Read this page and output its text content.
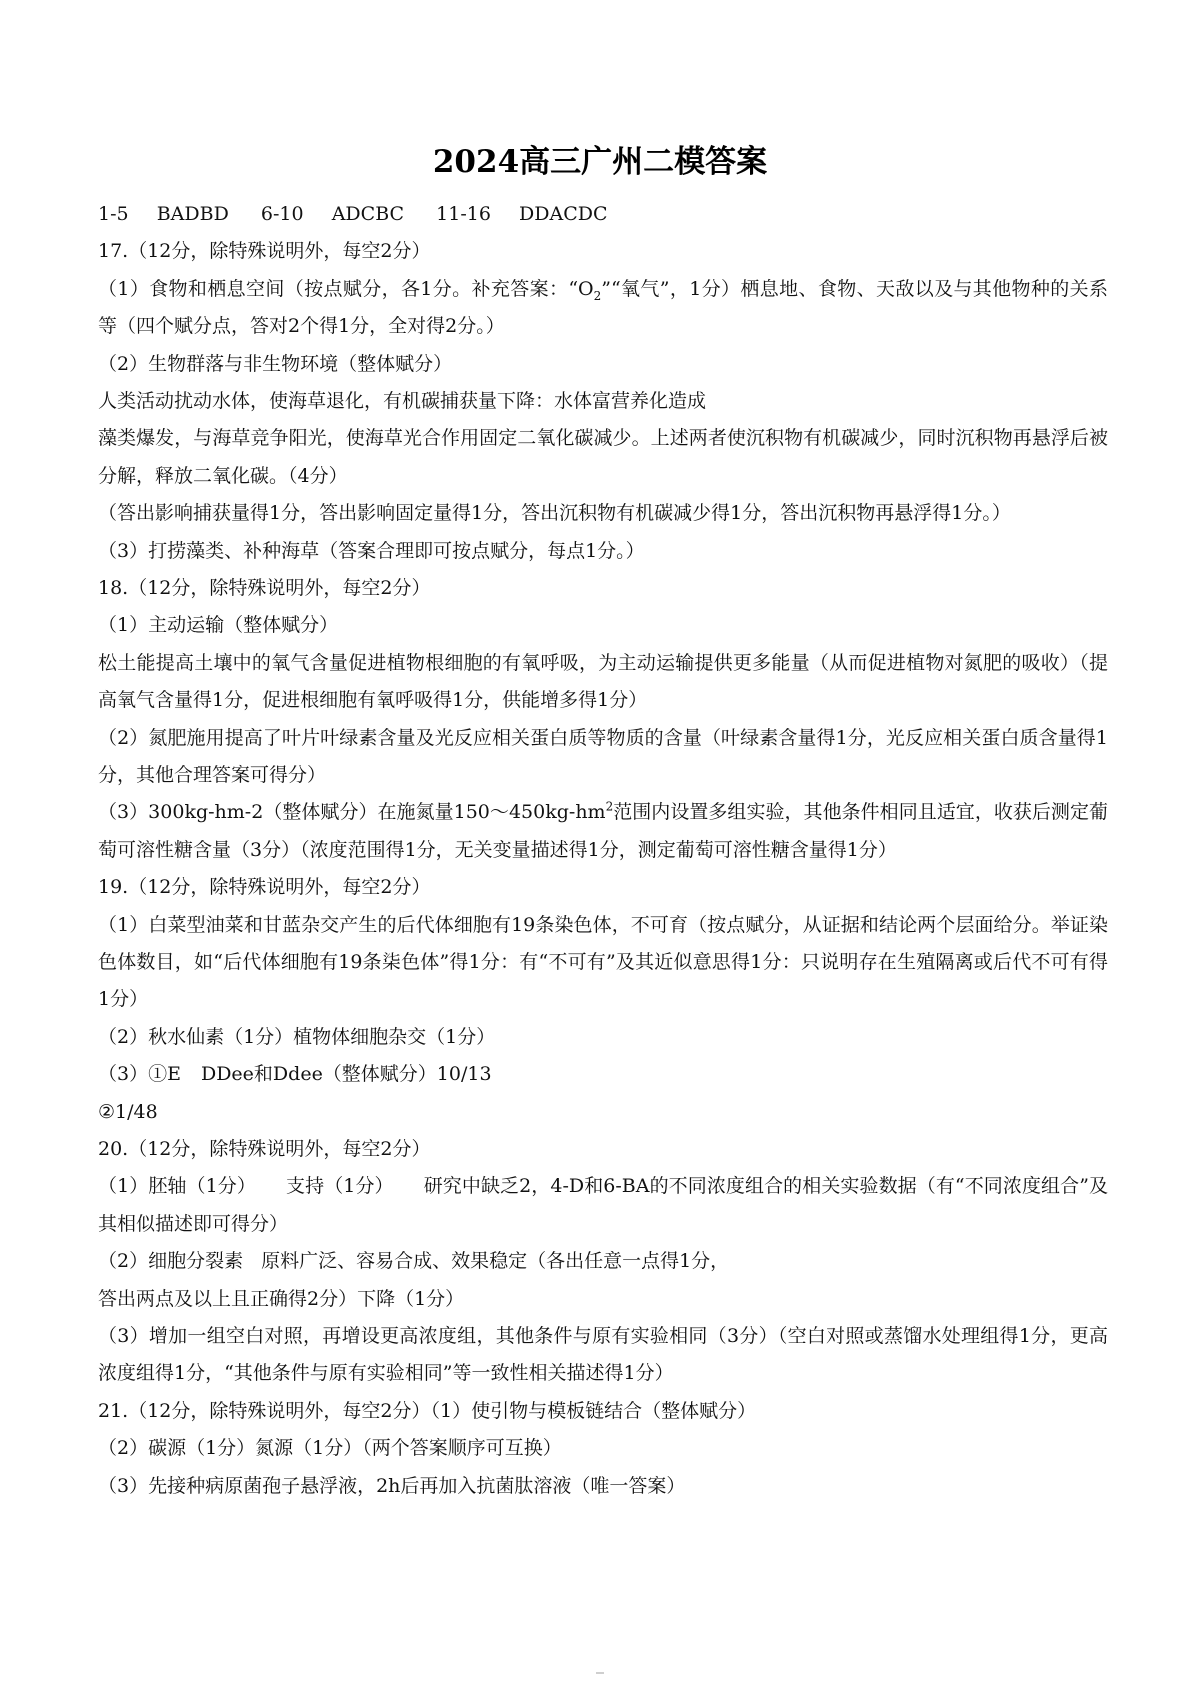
2024高三广州二模答案
1-5 BADBD 6-10 ADCBC 11-16 DDACDC
17.（12分，除特殊说明外，每空2分）
（1）食物和栖息空间（按点赋分，各1分。补充答案：“$O_2”“$氧气”，1分）栖息地、食物、天敌以及与其他物种的关系等（四个赋分点，答对2个得1分，全对得2分。）
（2）生物群落与非生物环境（整体赋分）
人类活动扰动水体，使海草退化，有机碳捕获量下降：水体富营养化造成
藻类爆发，与海草竞争阳光，使海草光合作用固定二氧化碳减少。上述两者使沉积物有机碳减少，同时沉积物再悬浮后被分解，释放二氧化碳。（4分）
（答出影响捕获量得1分，答出影响固定量得1分，答出沉积物有机碳减少得1分，答出沉积物再悬浮得1分。）
（3）打捞藻类、补种海草（答案合理即可按点赋分，每点1分。）
18.（12分，除特殊说明外，每空2分）
（1）主动运输（整体赋分）
松土能提高土壤中的氧气含量促进植物根细胞的有氧呼吸，为主动运输提供更多能量（从而促进植物对氮肥的吸收）（提高氧气含量得1分，促进根细胞有氧呼吸得1分，供能增多得1分）
（2）氮肥施用提高了叶片叶绿素含量及光反应相关蛋白质等物质的含量（叶绿素含量得1分，光反应相关蛋白质含量得1分，其他合理答案可得分）
（3）300kg-hm-2（整体赋分）在施氮量$150\sim 450kg-hm^2$范围内设置多组实验，其他条件相同且适宜，收获后测定葡萄可溶性糖含量（3分）（浓度范围得1分，无关变量描述得1分，测定葡萄可溶性糖含量得1分）
19.（12分，除特殊说明外，每空2分）
（1）白菜型油菜和甘蓝杂交产生的后代体细胞有19条染色体，不可育（按点赋分，从证据和结论两个层面给分。举证染色体数目，如“后代体细胞有19条柒色体”得1分：有“不可有”及其近似意思得1分：只说明存在生殖隔离或后代不可有得1分）
（2）秋水仙素（1分）植物体细胞杂交（1分）
（3）①E DDee和Ddee（整体赋分）10/13
②1/48
20.（12分，除特殊说明外，每空2分）
（1）胚轴（1分） 支持（1分） 研究中缺乏2，4-D和6-BA的不同浓度组合的相关实验数据（有“不同浓度组合”及其相似描述即可得分）
（2）细胞分裂素 原料广泛、容易合成、效果稳定（各出任意一点得1分，
答出两点及以上且正确得2分）下降（1分）
（3）增加一组空白对照，再增设更高浓度组，其他条件与原有实验相同（3分）（空白对照或蒸馏水处理组得1分，更高浓度组得1分，“其他条件与原有实验相同”等一致性相关描述得1分）
21.（12分，除特殊说明外，每空2分）（1）使引物与模板链结合（整体赋分）
（2）碳源（1分）氮源（1分）（两个答案顺序可互换）
（3）先接种病原菌孢子悬浮液，2h后再加入抗菌肽溶液（唯一答案）
